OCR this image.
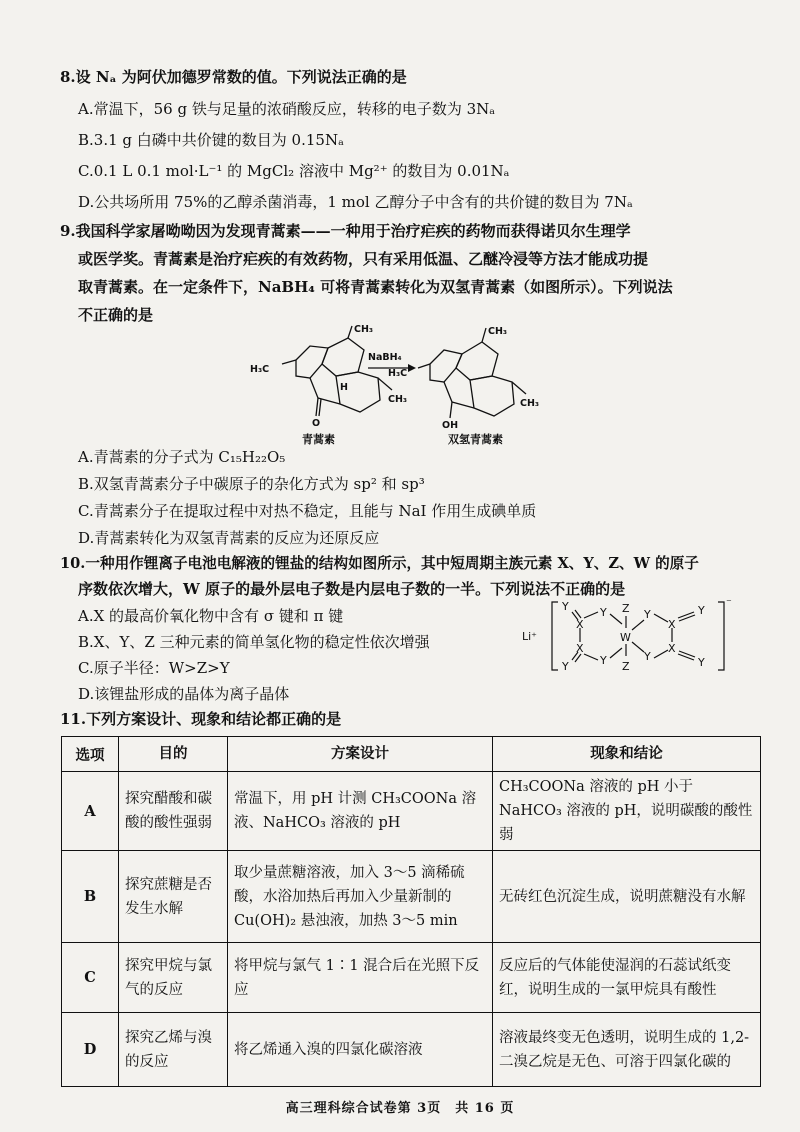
8.设 Nₐ 为阿伏加德罗常数的值。下列说法正确的是
A.常温下，56 g 铁与足量的浓硝酸反应，转移的电子数为 3Nₐ
B.3.1 g 白磷中共价键的数目为 0.15Nₐ
C.0.1 L 0.1 mol·L⁻¹ 的 MgCl₂ 溶液中 Mg²⁺ 的数目为 0.01Nₐ
D.公共场所用 75%的乙醇杀菌消毒，1 mol 乙醇分子中含有的共价键的数目为 7Nₐ
9.我国科学家屠呦呦因为发现青蒿素——一种用于治疗疟疾的药物而获得诺贝尔生理学
或医学奖。青蒿素是治疗疟疾的有效药物，只有采用低温、乙醚冷浸等方法才能成功提
取青蒿素。在一定条件下，NaBH₄ 可将青蒿素转化为双氢青蒿素（如图所示）。下列说法
不正确的是
CH₃
H₃C
H
CH₃
O
NaBH₄
CH₃
H₃C
CH₃
OH
青蒿素	双氢青蒿素
A.青蒿素的分子式为 C₁₅H₂₂O₅
B.双氢青蒿素分子中碳原子的杂化方式为 sp² 和 sp³
C.青蒿素分子在提取过程中对热不稳定，且能与 NaI 作用生成碘单质
D.青蒿素转化为双氢青蒿素的反应为还原反应
10.一种用作锂离子电池电解液的锂盐的结构如图所示，其中短周期主族元素 X、Y、Z、W 的原子
序数依次增大，W 原子的最外层电子数是内层电子数的一半。下列说法不正确的是
A.X 的最高价氧化物中含有 σ 键和 π 键
B.X、Y、Z 三种元素的简单氢化物的稳定性依次增强
C.原子半径：W>Z>Y
D.该锂盐形成的晶体为离子晶体
Li⁺
Y
X
Y Z
W
Z
X
Y	Y
Y
Y
X
X
Y
Y
⁻
11.下列方案设计、现象和结论都正确的是
选项	目的	方案设计	现象和结论
A	探究醋酸和碳酸的酸性强弱	常温下，用 pH 计测 CH₃COONa 溶液、NaHCO₃ 溶液的 pH	CH₃COONa 溶液的 pH 小于 NaHCO₃ 溶液的 pH，说明碳酸的酸性弱
B	探究蔗糖是否发生水解	取少量蔗糖溶液，加入 3～5 滴稀硫酸，水浴加热后再加入少量新制的 Cu(OH)₂ 悬浊液，加热 3～5 min	无砖红色沉淀生成，说明蔗糖没有水解
C	探究甲烷与氯气的反应	将甲烷与氯气 1∶1 混合后在光照下反应	反应后的气体能使湿润的石蕊试纸变红，说明生成的一氯甲烷具有酸性
D	探究乙烯与溴的反应	将乙烯通入溴的四氯化碳溶液	溶液最终变无色透明，说明生成的 1,2-二溴乙烷是无色、可溶于四氯化碳的
高三理科综合试卷第 3页　共 16 页
